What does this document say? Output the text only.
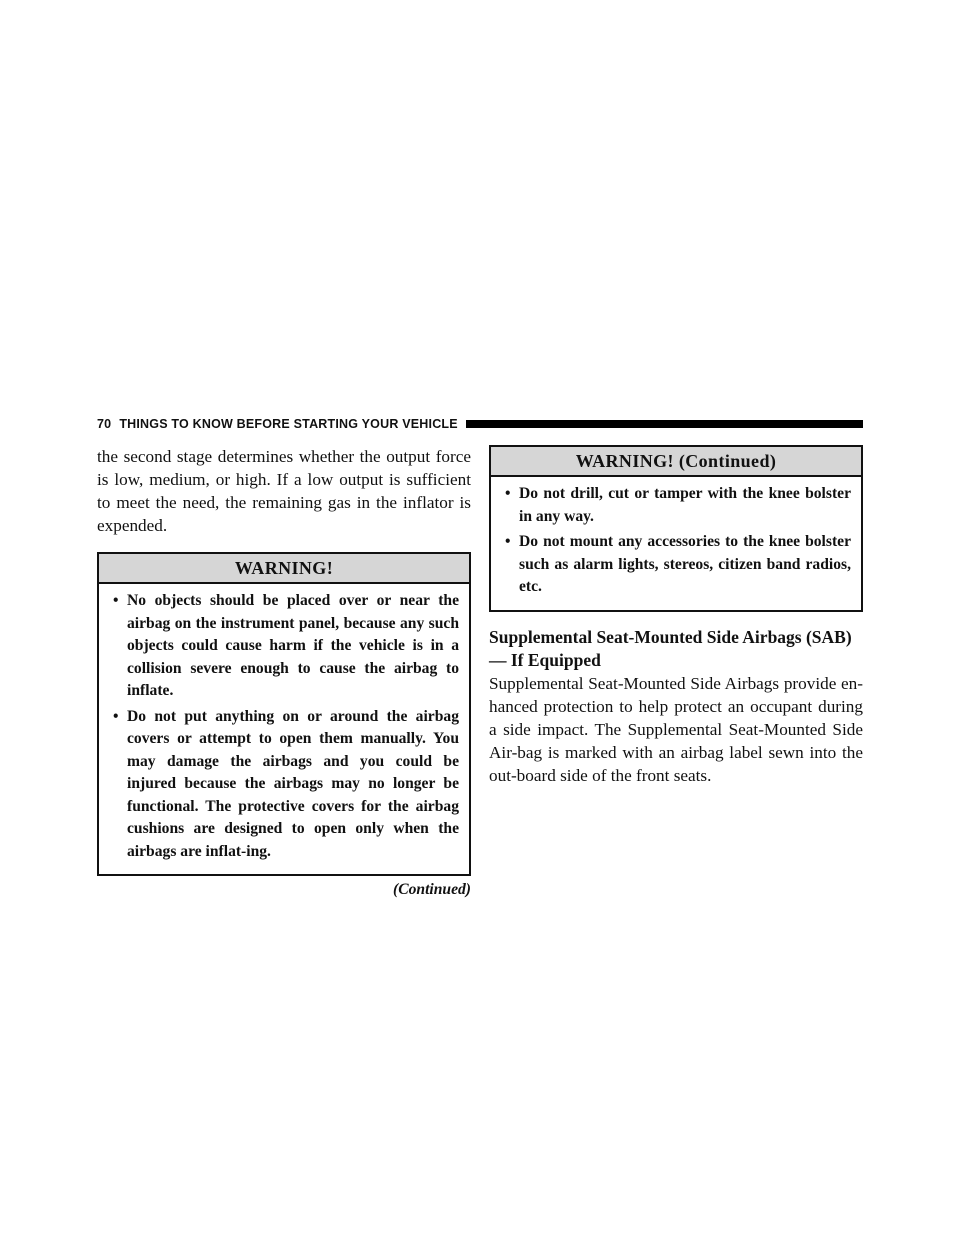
70 THINGS TO KNOW BEFORE STARTING YOUR VEHICLE

the second stage determines whether the output force is low, medium, or high. If a low output is sufficient to meet the need, the remaining gas in the inflator is expended.

WARNING!
• No objects should be placed over or near the airbag on the instrument panel, because any such objects could cause harm if the vehicle is in a collision severe enough to cause the airbag to inflate.
• Do not put anything on or around the airbag covers or attempt to open them manually. You may damage the airbags and you could be injured because the airbags may no longer be functional. The protective covers for the airbag cushions are designed to open only when the airbags are inflat-ing.
(Continued)
WARNING! (Continued)
• Do not drill, cut or tamper with the knee bolster in any way.
• Do not mount any accessories to the knee bolster such as alarm lights, stereos, citizen band radios, etc.
Supplemental Seat-Mounted Side Airbags (SAB) — If Equipped

Supplemental Seat-Mounted Side Airbags provide en-hanced protection to help protect an occupant during a side impact. The Supplemental Seat-Mounted Side Air-bag is marked with an airbag label sewn into the out-board side of the front seats.
